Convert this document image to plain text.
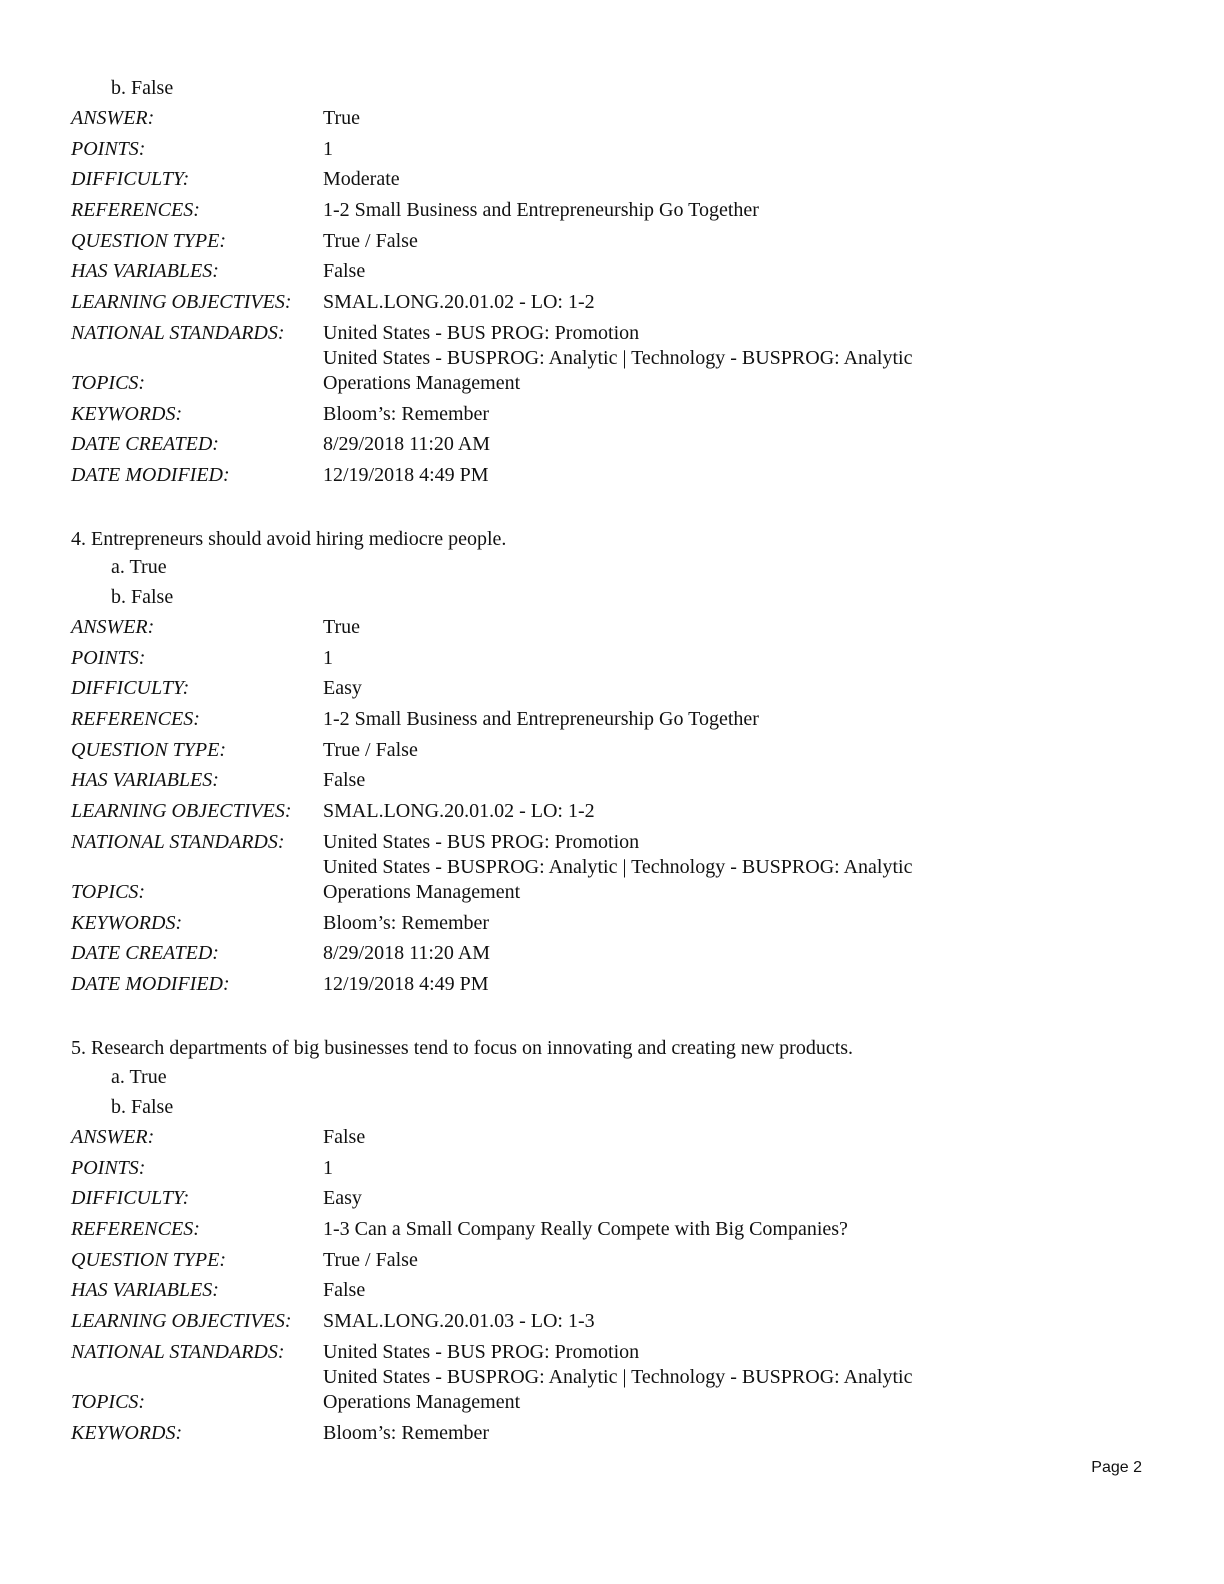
b. False
ANSWER:	True
POINTS:	1
DIFFICULTY:	Moderate
REFERENCES:	1-2 Small Business and Entrepreneurship Go Together
QUESTION TYPE:	True / False
HAS VARIABLES:	False
LEARNING OBJECTIVES:	SMAL.LONG.20.01.02 - LO: 1-2
NATIONAL STANDARDS:	United States - BUS PROG: Promotion
United States - BUSPROG: Analytic | Technology - BUSPROG: Analytic
TOPICS:	Operations Management
KEYWORDS:	Bloom’s: Remember
DATE CREATED:	8/29/2018 11:20 AM
DATE MODIFIED:	12/19/2018 4:49 PM
4. Entrepreneurs should avoid hiring mediocre people.
a. True
b. False
ANSWER:	True
POINTS:	1
DIFFICULTY:	Easy
REFERENCES:	1-2 Small Business and Entrepreneurship Go Together
QUESTION TYPE:	True / False
HAS VARIABLES:	False
LEARNING OBJECTIVES:	SMAL.LONG.20.01.02 - LO: 1-2
NATIONAL STANDARDS:	United States - BUS PROG: Promotion
United States - BUSPROG: Analytic | Technology - BUSPROG: Analytic
TOPICS:	Operations Management
KEYWORDS:	Bloom’s: Remember
DATE CREATED:	8/29/2018 11:20 AM
DATE MODIFIED:	12/19/2018 4:49 PM
5. Research departments of big businesses tend to focus on innovating and creating new products.
a. True
b. False
ANSWER:	False
POINTS:	1
DIFFICULTY:	Easy
REFERENCES:	1-3 Can a Small Company Really Compete with Big Companies?
QUESTION TYPE:	True / False
HAS VARIABLES:	False
LEARNING OBJECTIVES:	SMAL.LONG.20.01.03 - LO: 1-3
NATIONAL STANDARDS:	United States - BUS PROG: Promotion
United States - BUSPROG: Analytic | Technology - BUSPROG: Analytic
TOPICS:	Operations Management
KEYWORDS:	Bloom’s: Remember
Page 2
